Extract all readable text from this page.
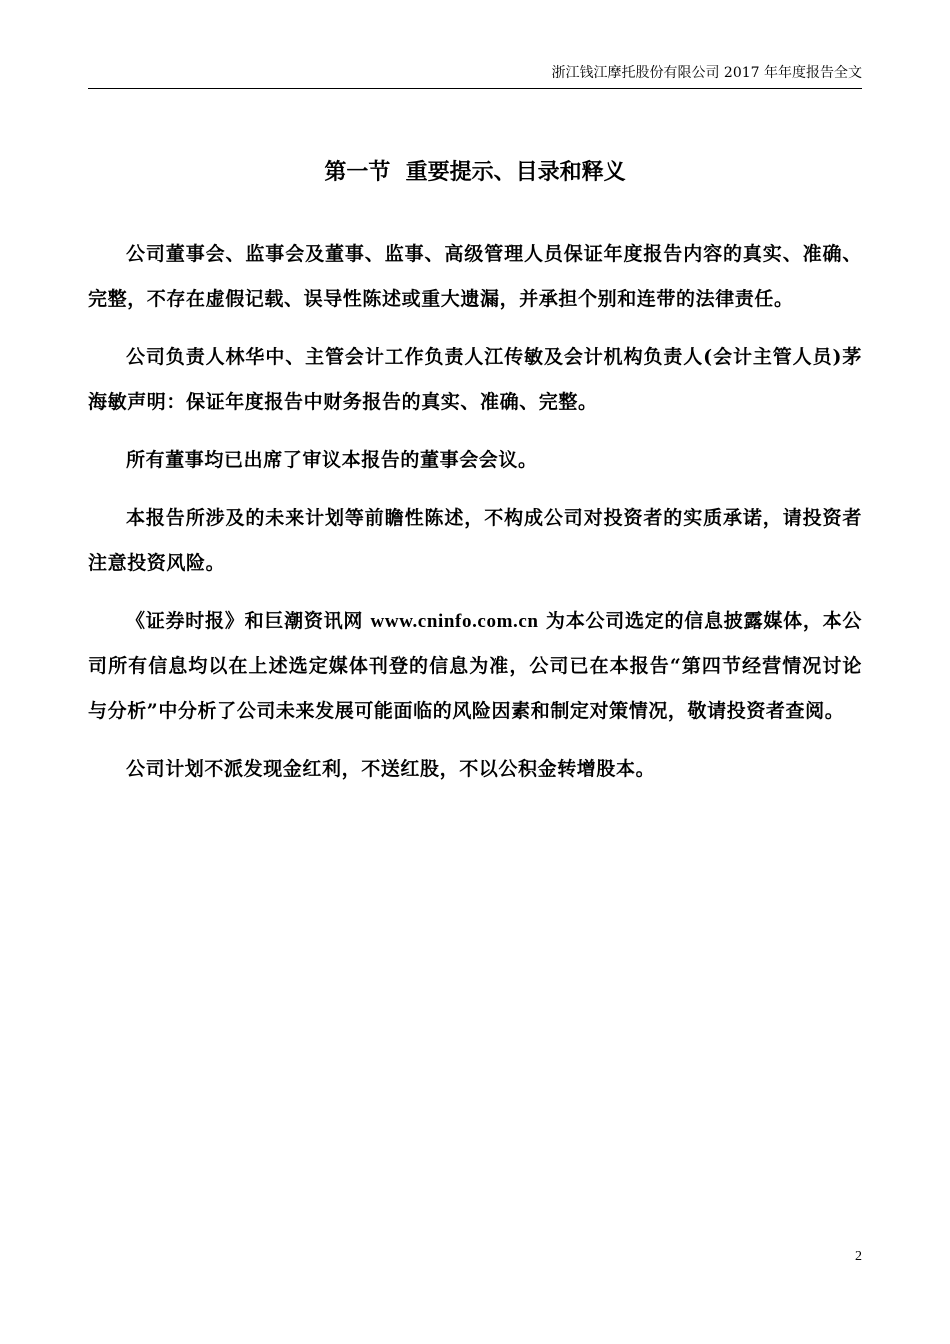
浙江钱江摩托股份有限公司 2017 年年度报告全文
第一节  重要提示、目录和释义

公司董事会、监事会及董事、监事、高级管理人员保证年度报告内容的真实、准确、完整，不存在虚假记载、误导性陈述或重大遗漏，并承担个别和连带的法律责任。

公司负责人林华中、主管会计工作负责人江传敏及会计机构负责人(会计主管人员)茅海敏声明：保证年度报告中财务报告的真实、准确、完整。

所有董事均已出席了审议本报告的董事会会议。

本报告所涉及的未来计划等前瞻性陈述，不构成公司对投资者的实质承诺，请投资者注意投资风险。

《证券时报》和巨潮资讯网 www.cninfo.com.cn 为本公司选定的信息披露媒体，本公司所有信息均以在上述选定媒体刊登的信息为准，公司已在本报告“第四节经营情况讨论与分析”中分析了公司未来发展可能面临的风险因素和制定对策情况，敬请投资者查阅。

公司计划不派发现金红利，不送红股，不以公积金转增股本。

2
